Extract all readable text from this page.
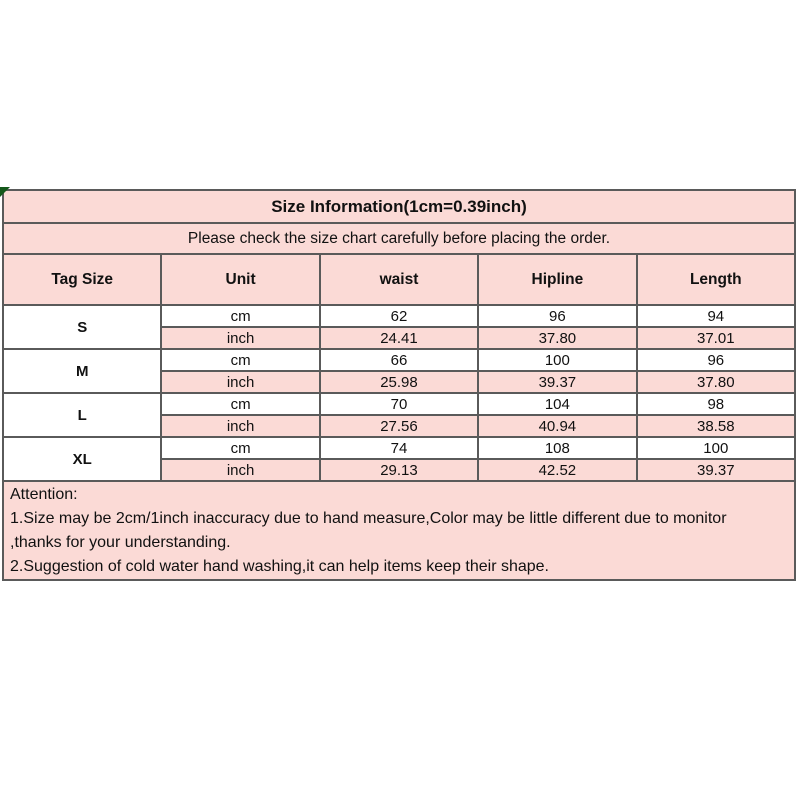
Size Information(1cm=0.39inch)				
Please check the size chart carefully before placing the order.				
Tag Size	Unit	waist	Hipline	Length
S	cm	62	96	94
	inch	24.41	37.80	37.01
M	cm	66	100	96
	inch	25.98	39.37	37.80
L	cm	70	104	98
	inch	27.56	40.94	38.58
XL	cm	74	108	100
	inch	29.13	42.52	39.37

Attention:
1.Size may be 2cm/1inch inaccuracy due to hand measure,Color may be little different due to monitor
,thanks for your understanding.
2.Suggestion of cold water hand washing,it can help items keep their shape.				
